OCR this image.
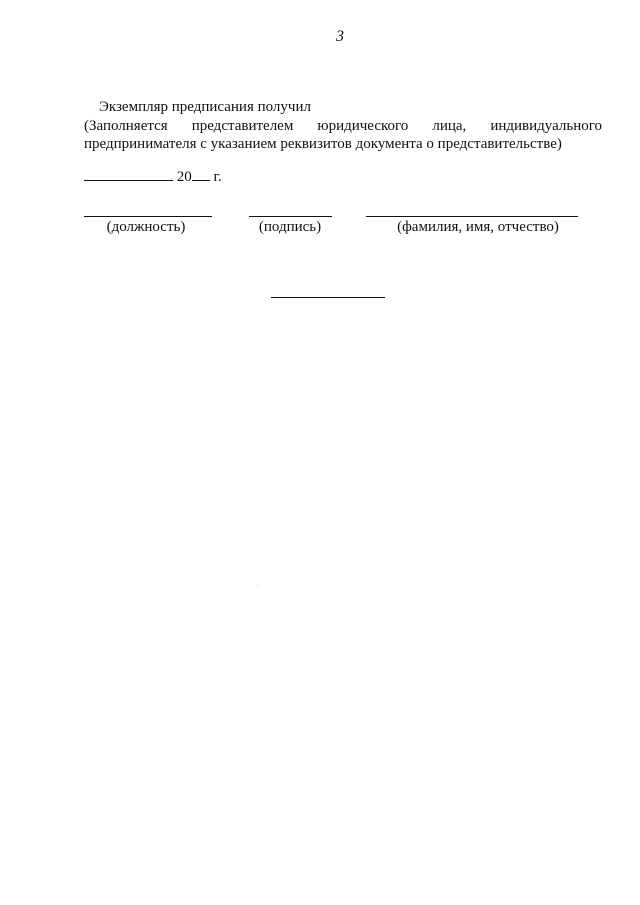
3
Экземпляр предписания получил
(Заполняется представителем юридического лица, индивидуального
предпринимателя с указанием реквизитов документа о представительстве)
20 г.
(должность)	(подпись)	(фамилия, имя, отчество)
